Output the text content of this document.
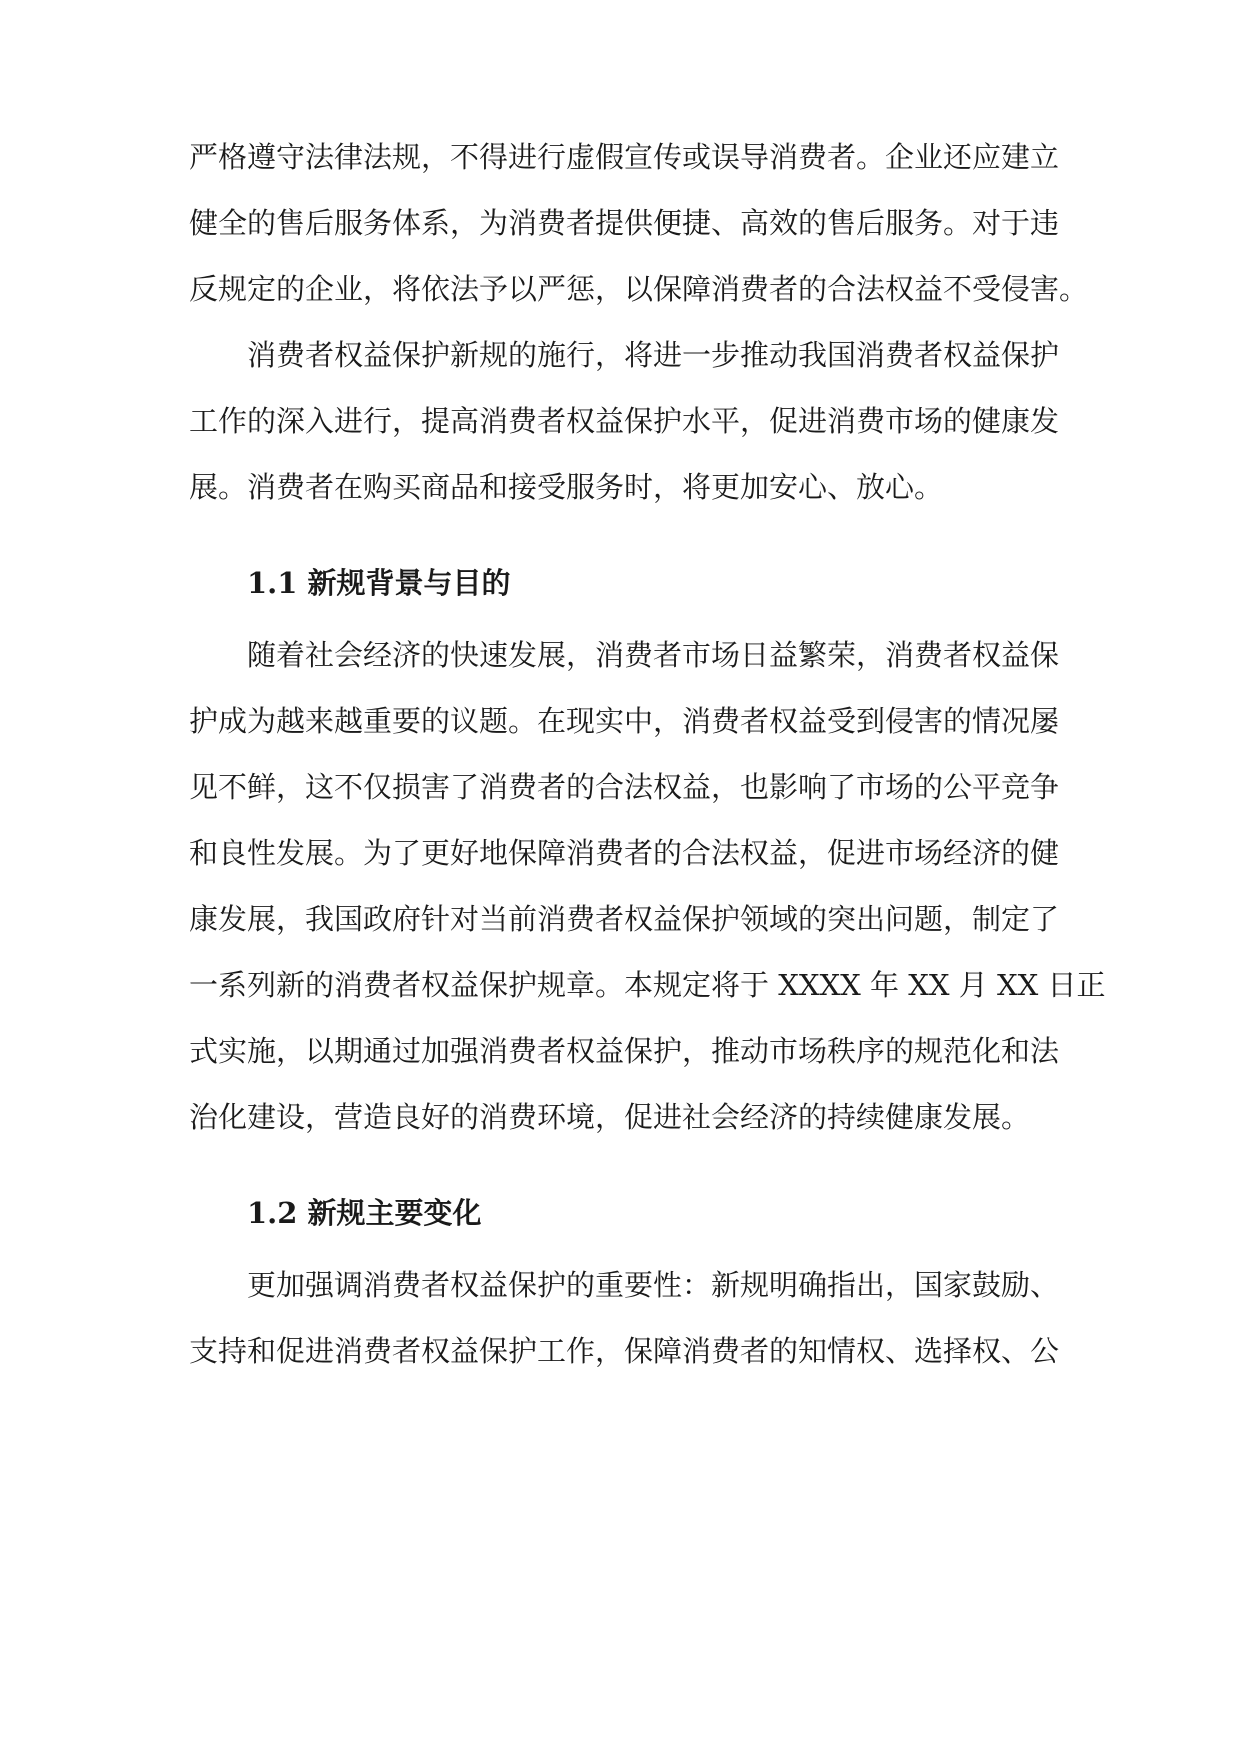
严格遵守法律法规，不得进行虚假宣传或误导消费者。企业还应建立
健全的售后服务体系，为消费者提供便捷、高效的售后服务。对于违
反规定的企业，将依法予以严惩，以保障消费者的合法权益不受侵害。
消费者权益保护新规的施行，将进一步推动我国消费者权益保护
工作的深入进行，提高消费者权益保护水平，促进消费市场的健康发
展。消费者在购买商品和接受服务时，将更加安心、放心。
1.1 新规背景与目的
随着社会经济的快速发展，消费者市场日益繁荣，消费者权益保
护成为越来越重要的议题。在现实中，消费者权益受到侵害的情况屡
见不鲜，这不仅损害了消费者的合法权益，也影响了市场的公平竞争
和良性发展。为了更好地保障消费者的合法权益，促进市场经济的健
康发展，我国政府针对当前消费者权益保护领域的突出问题，制定了
一系列新的消费者权益保护规章。本规定将于 XXXX 年 XX 月 XX 日正
式实施，以期通过加强消费者权益保护，推动市场秩序的规范化和法
治化建设，营造良好的消费环境，促进社会经济的持续健康发展。
1.2 新规主要变化
更加强调消费者权益保护的重要性：新规明确指出，国家鼓励、
支持和促进消费者权益保护工作，保障消费者的知情权、选择权、公
